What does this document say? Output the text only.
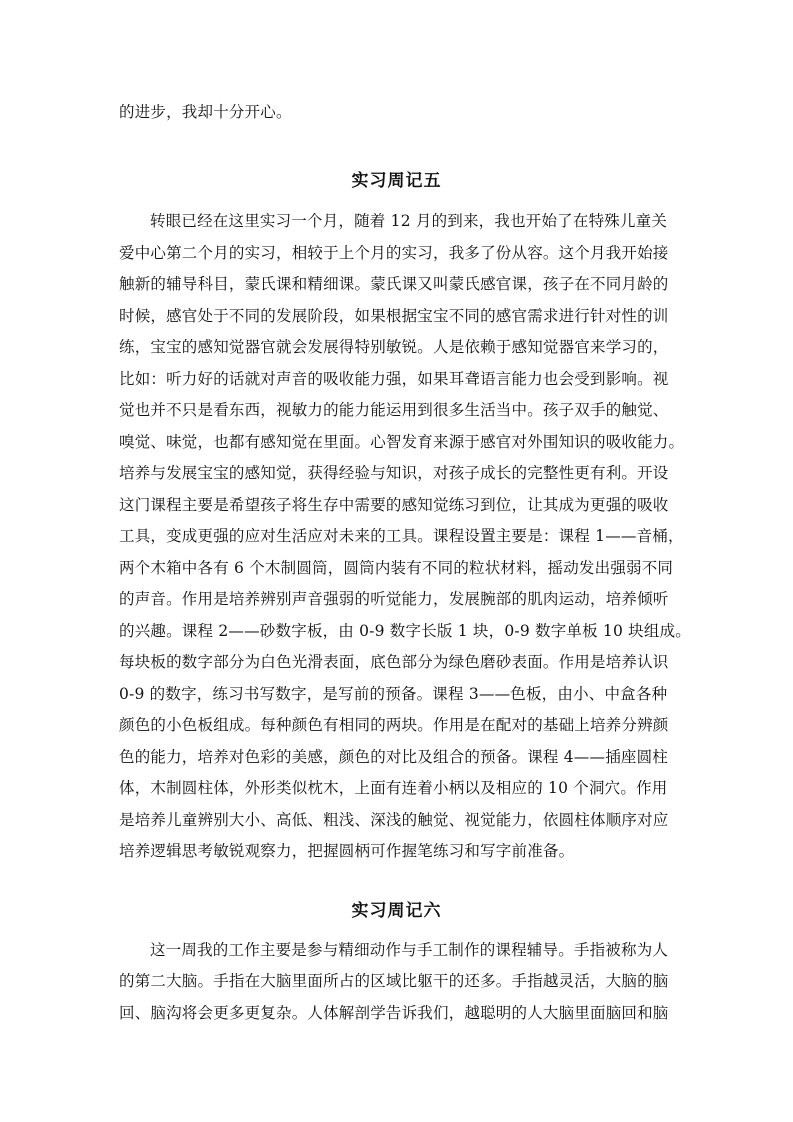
的进步，我却十分开心。
实习周记五
转眼已经在这里实习一个月，随着 12 月的到来，我也开始了在特殊儿童关
爱中心第二个月的实习，相较于上个月的实习，我多了份从容。这个月我开始接
触新的辅导科目，蒙氏课和精细课。蒙氏课又叫蒙氏感官课，孩子在不同月龄的
时候，感官处于不同的发展阶段，如果根据宝宝不同的感官需求进行针对性的训
练，宝宝的感知觉器官就会发展得特别敏锐。人是依赖于感知觉器官来学习的，
比如：听力好的话就对声音的吸收能力强，如果耳聋语言能力也会受到影响。视
觉也并不只是看东西，视敏力的能力能运用到很多生活当中。孩子双手的触觉、
嗅觉、味觉，也都有感知觉在里面。心智发育来源于感官对外围知识的吸收能力。
培养与发展宝宝的感知觉，获得经验与知识，对孩子成长的完整性更有利。开设
这门课程主要是希望孩子将生存中需要的感知觉练习到位，让其成为更强的吸收
工具，变成更强的应对生活应对未来的工具。课程设置主要是：课程 1——音桶，
两个木箱中各有 6 个木制圆筒，圆筒内装有不同的粒状材料，摇动发出强弱不同
的声音。作用是培养辨别声音强弱的听觉能力，发展腕部的肌肉运动，培养倾听
的兴趣。课程 2——砂数字板，由 0-9 数字长版 1 块，0-9 数字单板 10 块组成。
每块板的数字部分为白色光滑表面，底色部分为绿色磨砂表面。作用是培养认识
0-9 的数字，练习书写数字，是写前的预备。课程 3——色板，由小、中盒各种
颜色的小色板组成。每种颜色有相同的两块。作用是在配对的基础上培养分辨颜
色的能力，培养对色彩的美感，颜色的对比及组合的预备。课程 4——插座圆柱
体，木制圆柱体，外形类似枕木，上面有连着小柄以及相应的 10 个洞穴。作用
是培养儿童辨别大小、高低、粗浅、深浅的触觉、视觉能力，依圆柱体顺序对应
培养逻辑思考敏锐观察力，把握圆柄可作握笔练习和写字前准备。
实习周记六
这一周我的工作主要是参与精细动作与手工制作的课程辅导。手指被称为人
的第二大脑。手指在大脑里面所占的区域比躯干的还多。手指越灵活，大脑的脑
回、脑沟将会更多更复杂。人体解剖学告诉我们，越聪明的人大脑里面脑回和脑
